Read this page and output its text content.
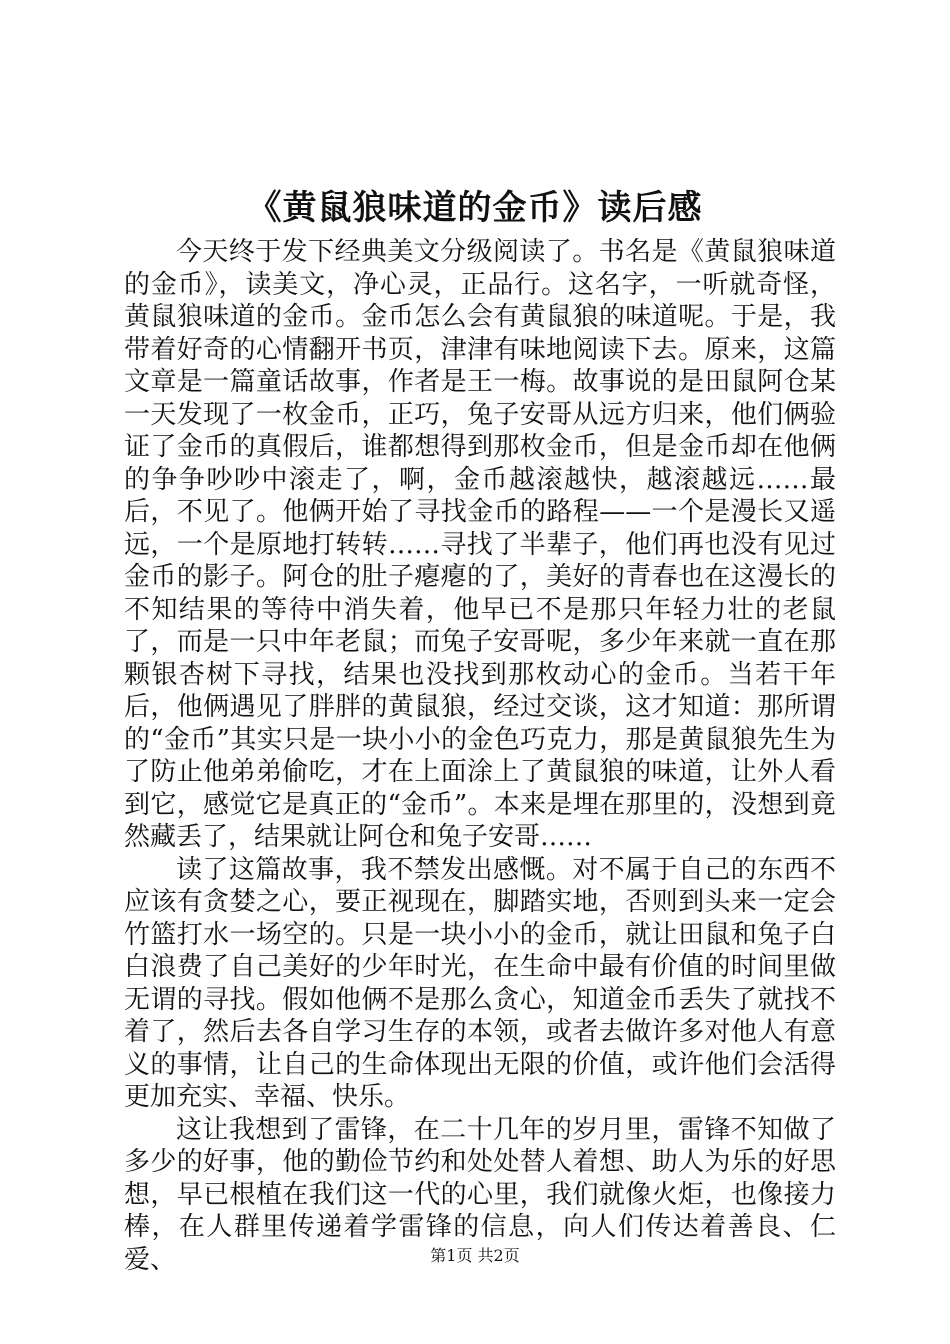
《黄鼠狼味道的金币》读后感

今天终于发下经典美文分级阅读了。书名是《黄鼠狼味道的金币》，读美文，净心灵，正品行。这名字，一听就奇怪，黄鼠狼味道的金币。金币怎么会有黄鼠狼的味道呢。于是，我带着好奇的心情翻开书页，津津有味地阅读下去。原来，这篇文章是一篇童话故事，作者是王一梅。故事说的是田鼠阿仓某一天发现了一枚金币，正巧，兔子安哥从远方归来，他们俩验证了金币的真假后，谁都想得到那枚金币，但是金币却在他俩的争争吵吵中滚走了，啊，金币越滚越快，越滚越远……最后，不见了。他俩开始了寻找金币的路程——一个是漫长又遥远，一个是原地打转转……寻找了半辈子，他们再也没有见过金币的影子。阿仓的肚子瘪瘪的了，美好的青春也在这漫长的不知结果的等待中消失着，他早已不是那只年轻力壮的老鼠了，而是一只中年老鼠；而兔子安哥呢，多少年来就一直在那颗银杏树下寻找，结果也没找到那枚动心的金币。当若干年后，他俩遇见了胖胖的黄鼠狼，经过交谈，这才知道：那所谓的“金币”其实只是一块小小的金色巧克力，那是黄鼠狼先生为了防止他弟弟偷吃，才在上面涂上了黄鼠狼的味道，让外人看到它，感觉它是真正的“金币”。本来是埋在那里的，没想到竟然藏丢了，结果就让阿仓和兔子安哥……

读了这篇故事，我不禁发出感慨。对不属于自己的东西不应该有贪婪之心，要正视现在，脚踏实地，否则到头来一定会竹篮打水一场空的。只是一块小小的金币，就让田鼠和兔子白白浪费了自己美好的少年时光，在生命中最有价值的时间里做无谓的寻找。假如他俩不是那么贪心，知道金币丢失了就找不着了，然后去各自学习生存的本领，或者去做许多对他人有意义的事情，让自己的生命体现出无限的价值，或许他们会活得更加充实、幸福、快乐。

这让我想到了雷锋，在二十几年的岁月里，雷锋不知做了多少的好事，他的勤俭节约和处处替人着想、助人为乐的好思想，早已根植在我们这一代的心里，我们就像火炬，也像接力棒，在人群里传递着学雷锋的信息，向人们传达着善良、仁爱、	第1页 共2页
